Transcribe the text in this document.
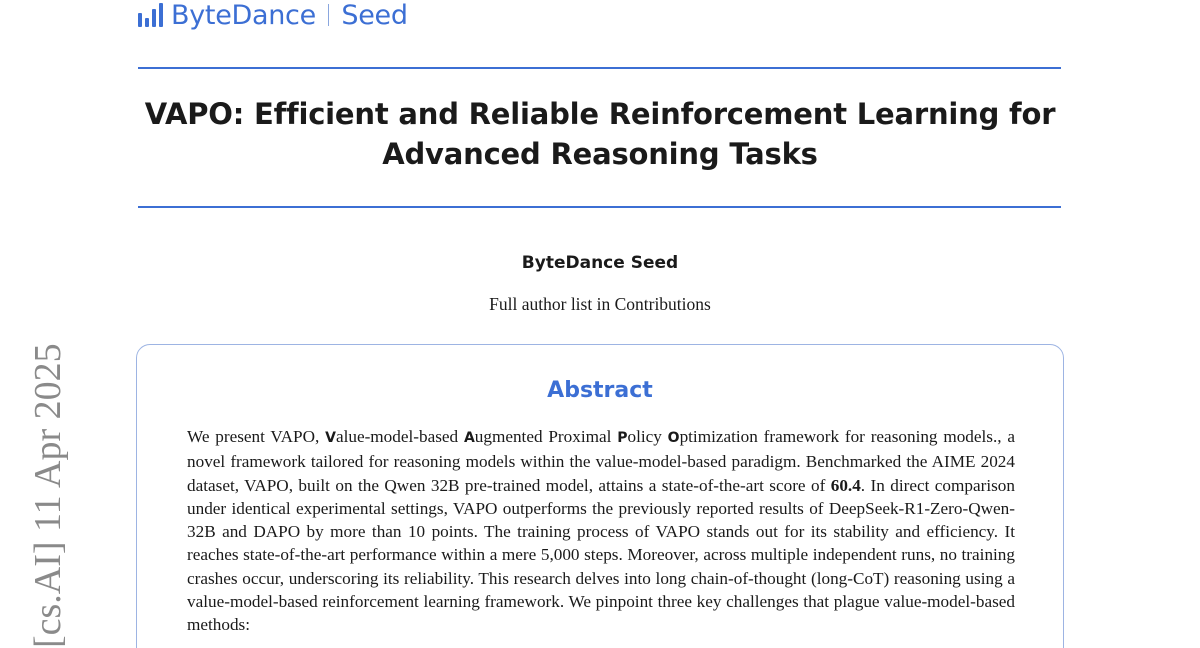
ByteDance Seed
VAPO: Efficient and Reliable Reinforcement Learning for
Advanced Reasoning Tasks
ByteDance Seed
Full author list in Contributions
[cs.AI] 11 Apr 2025	Abstract
We present VAPO, Value-model-based Augmented Proximal Policy Optimization framework for reasoning models., a novel framework tailored for reasoning models within the value-model-based paradigm. Benchmarked the AIME 2024 dataset, VAPO, built on the Qwen 32B pre-trained model, attains a state-of-the-art score of 60.4. In direct comparison under identical experimental settings, VAPO outperforms the previously reported results of DeepSeek-R1-Zero-Qwen-32B and DAPO by more than 10 points. The training process of VAPO stands out for its stability and efficiency. It reaches state-of-the-art performance within a mere 5,000 steps. Moreover, across multiple independent runs, no training crashes occur, underscoring its reliability. This research delves into long chain-of-thought (long-CoT) reasoning using a value-model-based reinforcement learning framework. We pinpoint three key challenges that plague value-model-based methods:
